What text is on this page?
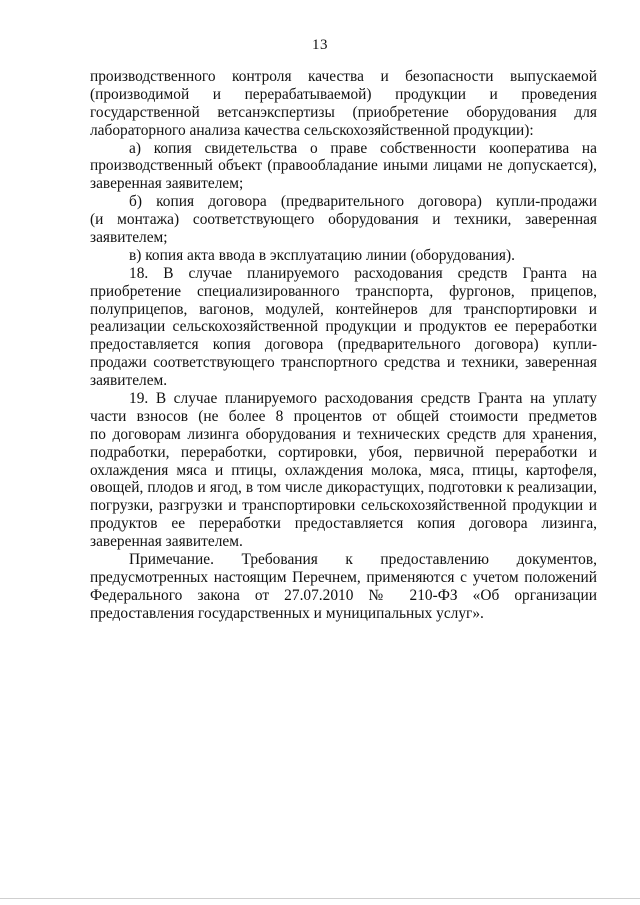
13
производственного контроля качества и безопасности выпускаемой
(производимой и перерабатываемой) продукции и проведения
государственной ветсанэкспертизы (приобретение оборудования для
лабораторного анализа качества сельскохозяйственной продукции):
а) копия свидетельства о праве собственности кооператива на
производственный объект (правообладание иными лицами не допускается),
заверенная заявителем;
б) копия договора (предварительного договора) купли-продажи
(и монтажа) соответствующего оборудования и техники, заверенная
заявителем;
в) копия акта ввода в эксплуатацию линии (оборудования).
18. В случае планируемого расходования средств Гранта на
приобретение специализированного транспорта, фургонов, прицепов,
полуприцепов, вагонов, модулей, контейнеров для транспортировки и
реализации сельскохозяйственной продукции и продуктов ее переработки
предоставляется копия договора (предварительного договора) купли-
продажи соответствующего транспортного средства и техники, заверенная
заявителем.
19. В случае планируемого расходования средств Гранта на уплату
части взносов (не более 8 процентов от общей стоимости предметов
по договорам лизинга оборудования и технических средств для хранения,
подработки, переработки, сортировки, убоя, первичной переработки и
охлаждения мяса и птицы, охлаждения молока, мяса, птицы, картофеля,
овощей, плодов и ягод, в том числе дикорастущих, подготовки к реализации,
погрузки, разгрузки и транспортировки сельскохозяйственной продукции и
продуктов ее переработки предоставляется копия договора лизинга,
заверенная заявителем.
Примечание. Требования к предоставлению документов,
предусмотренных настоящим Перечнем, применяются с учетом положений
Федерального закона от 27.07.2010 № 210-ФЗ «Об организации
предоставления государственных и муниципальных услуг».
